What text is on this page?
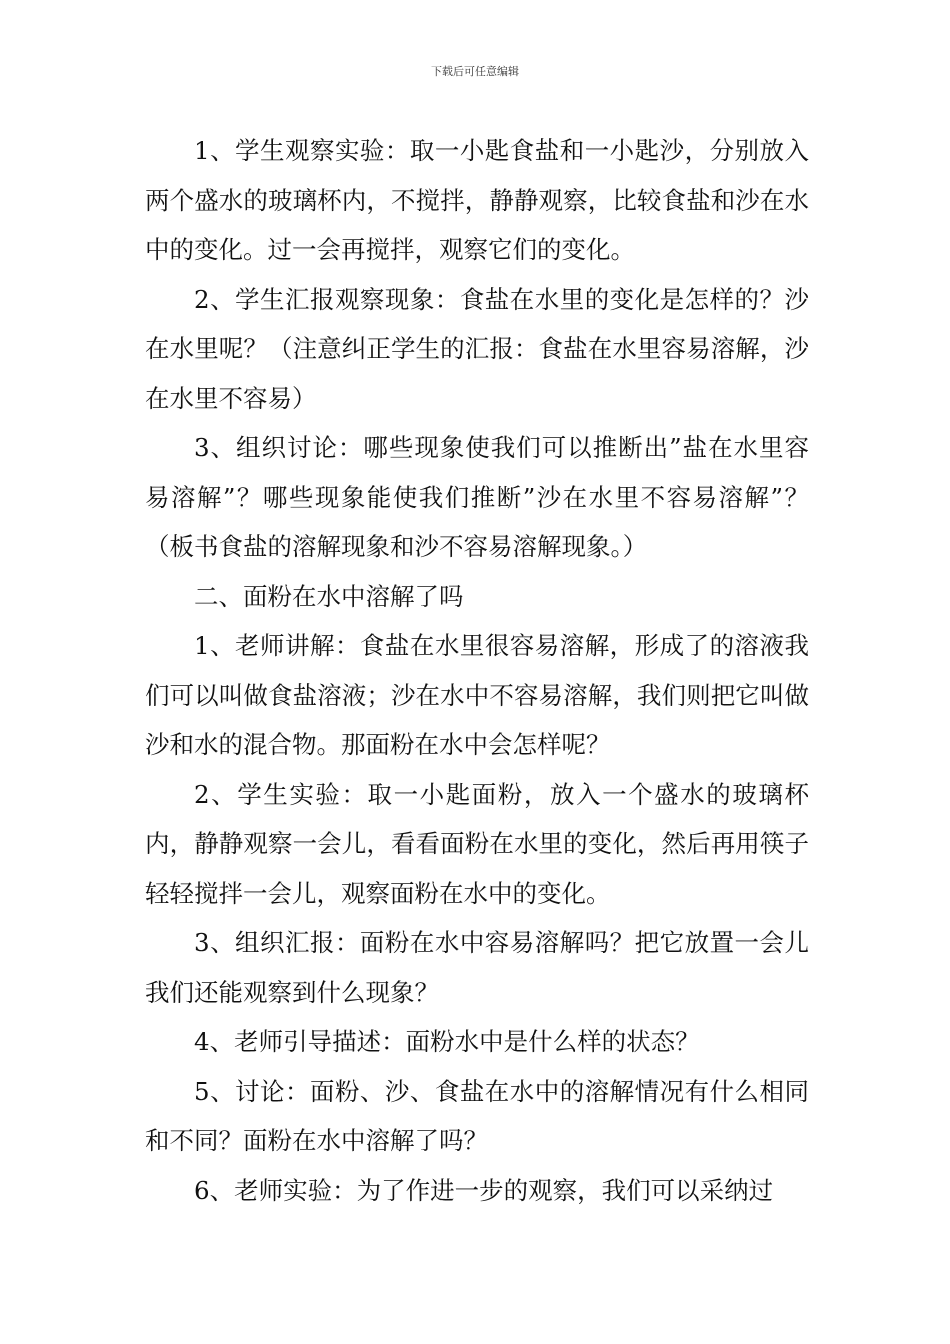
下载后可任意编辑

1、学生观察实验：取一小匙食盐和一小匙沙，分别放入两个盛水的玻璃杯内，不搅拌，静静观察，比较食盐和沙在水中的变化。过一会再搅拌，观察它们的变化。

2、学生汇报观察现象：食盐在水里的变化是怎样的？沙在水里呢？（注意纠正学生的汇报：食盐在水里容易溶解，沙在水里不容易）

3、组织讨论：哪些现象使我们可以推断出”盐在水里容易溶解”？哪些现象能使我们推断”沙在水里不容易溶解”？（板书食盐的溶解现象和沙不容易溶解现象。）

二、面粉在水中溶解了吗

1、老师讲解：食盐在水里很容易溶解，形成了的溶液我们可以叫做食盐溶液；沙在水中不容易溶解，我们则把它叫做沙和水的混合物。那面粉在水中会怎样呢？

2、学生实验：取一小匙面粉，放入一个盛水的玻璃杯内，静静观察一会儿，看看面粉在水里的变化，然后再用筷子轻轻搅拌一会儿，观察面粉在水中的变化。

3、组织汇报：面粉在水中容易溶解吗？把它放置一会儿我们还能观察到什么现象？

4、老师引导描述：面粉水中是什么样的状态？

5、讨论：面粉、沙、食盐在水中的溶解情况有什么相同和不同？面粉在水中溶解了吗？

6、老师实验：为了作进一步的观察，我们可以采纳过
